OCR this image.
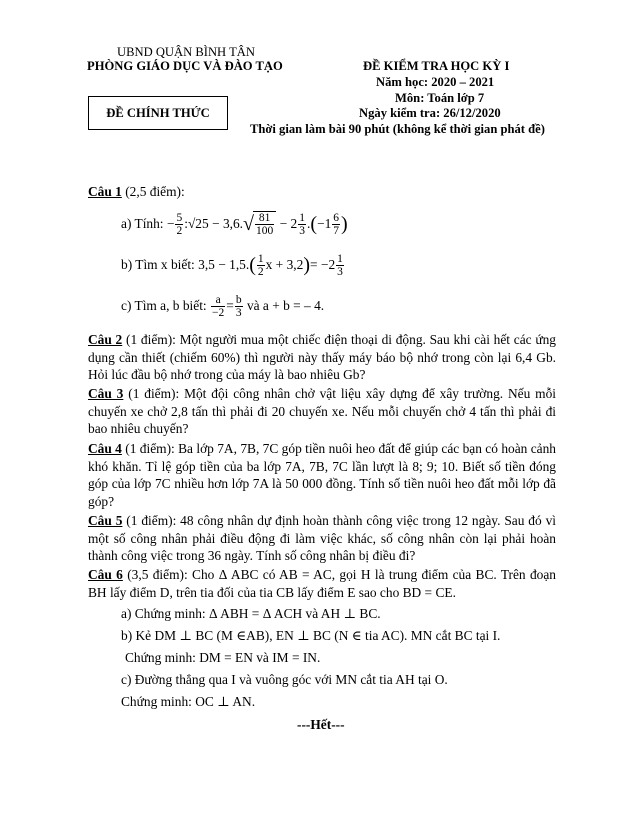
UBND QUẬN BÌNH TÂN
PHÒNG GIÁO DỤC VÀ ĐÀO TẠO
ĐỀ CHÍNH THỨC
ĐỀ KIỂM TRA HỌC KỲ I
Năm học: 2020 – 2021
Môn: Toán lớp 7
Ngày kiểm tra: 26/12/2020
Thời gian làm bài 90 phút (không kể thời gian phát đề)
Câu 1 (2,5 điểm):
a) Tính:
− $\frac{5}{2}$ : √25
− 3,6. √ $\frac{81}{100}$
− $2 \frac{1}{3}$ . ( $-1 \frac{6}{7}$ )
b) Tìm x biết:
3,5 − 1,5. ( $\frac{1}{2}$ x + 3,2 ) = $-2 \frac{1}{3}$
c) Tìm a, b biết:
$\frac{a}{-2} = \frac{b}{3}$
và a + b = – 4.
Câu 2 (1 điểm): Một người mua một chiếc điện thoại di động. Sau khi cài hết các ứng dụng cần thiết (chiếm 60%) thì người này thấy máy báo bộ nhớ trong còn lại 6,4 Gb. Hỏi lúc đầu bộ nhớ trong của máy là bao nhiêu Gb?
Câu 3 (1 điểm): Một đội công nhân chở vật liệu xây dựng để xây trường. Nếu mỗi chuyến xe chở 2,8 tấn thì phải đi 20 chuyến xe. Nếu mỗi chuyến chở 4 tấn thì phải đi bao nhiêu chuyến?
Câu 4 (1 điểm): Ba lớp 7A, 7B, 7C góp tiền nuôi heo đất để giúp các bạn có hoàn cảnh khó khăn. Tỉ lệ góp tiền của ba lớp 7A, 7B, 7C lần lượt là 8; 9; 10. Biết số tiền đóng góp của lớp 7C nhiều hơn lớp 7A là 50 000 đồng. Tính số tiền nuôi heo đất mỗi lớp đã góp?
Câu 5 (1 điểm): 48 công nhân dự định hoàn thành công việc trong 12 ngày. Sau đó vì một số công nhân phải điều động đi làm việc khác, số công nhân còn lại phải hoàn thành công việc trong 36 ngày. Tính số công nhân bị điều đi?
Câu 6 (3,5 điểm): Cho Δ ABC có AB = AC, gọi H là trung điểm của BC. Trên đoạn BH lấy điểm D, trên tia đối của tia CB lấy điểm E sao cho BD = CE.
a) Chứng minh: Δ ABH = Δ ACH và AH ⊥ BC.
b) Kẻ DM ⊥ BC (M ∈AB), EN ⊥ BC (N ∈ tia AC). MN cắt BC tại I.
Chứng minh: DM = EN và IM = IN.
c) Đường thẳng qua I và vuông góc với MN cắt tia AH tại O.
Chứng minh: OC ⊥ AN.
---Hết---
